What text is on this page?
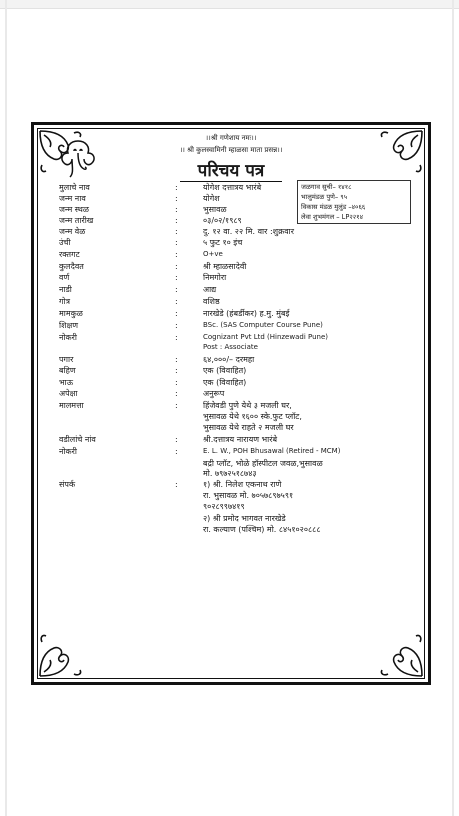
।।श्री गणेशाय नमः।।
।। श्री कुलस्वामिनी म्हाळसा माता प्रसन्न।।
परिचय पत्र
जळगाव सुची– १४१८
भालुमंडळ पुणे– ९५
विकास मंडळ मुलुंड –४०६६
लेवा शुभमंगल – LP२२१४
मुलाचे नाव	:	योगेश दत्तात्रय भारंबे
जन्म नाव	:	योगेश
जन्म स्थळ	:	भुसावळ
जन्म तारीख	:	०३/०२/१९८९
जन्म वेळ	:	दु. १२ वा. २२ मि. वार :शुक्रवार
उंची	:	५ फुट १० इंच
रक्तगट	:	O+ve
कुलदैवत	:	श्री म्हाळसादेवी
वर्ण	:	निमगोरा
नाडी	:	आद्य
गोत्र	:	वशिष्ठ
मामकुळ	:	नारखेडे (हंबर्डीकर) ह.मु. मुंबई
शिक्षण	:	BSc. (SAS Computer Course Pune)
नोकरी	:	Cognizant Pvt Ltd (Hinzewadi Pune)
Post : Associate
पगार	:	६४,०००/– दरमहा
बहिण	:	एक (विवाहित)
भाऊ	:	एक (विवाहित)
अपेक्षा	:	अनुरूप
मालमत्ता	:	हिंजेवडी पुणे येथे ३ मजली घर,
भुसावळ येथे १६०० स्के.फुट प्लॉट,
भुसावळ येथे राहते २ मजली घर
वडीलांचे नांव	:	श्री.दत्तात्रय नारायण भारंबे
नोकरी	:	E. L. W., POH Bhusawal (Retired - MCM)
बद्री प्लॉट, भोळे हॉस्पीटल जवळ,भुसावळ
मो. ७९७२५१८७४३
संपर्क	:	१) श्री. निलेश एकनाथ राणे
रा. भुसावळ मो. ७०५७८९७५९१
९०२८९९७४१९
२) श्री प्रमोद भागवत नारखेडे
रा. कल्याण (पश्चिम) मो. ८४५१०२०८८८
